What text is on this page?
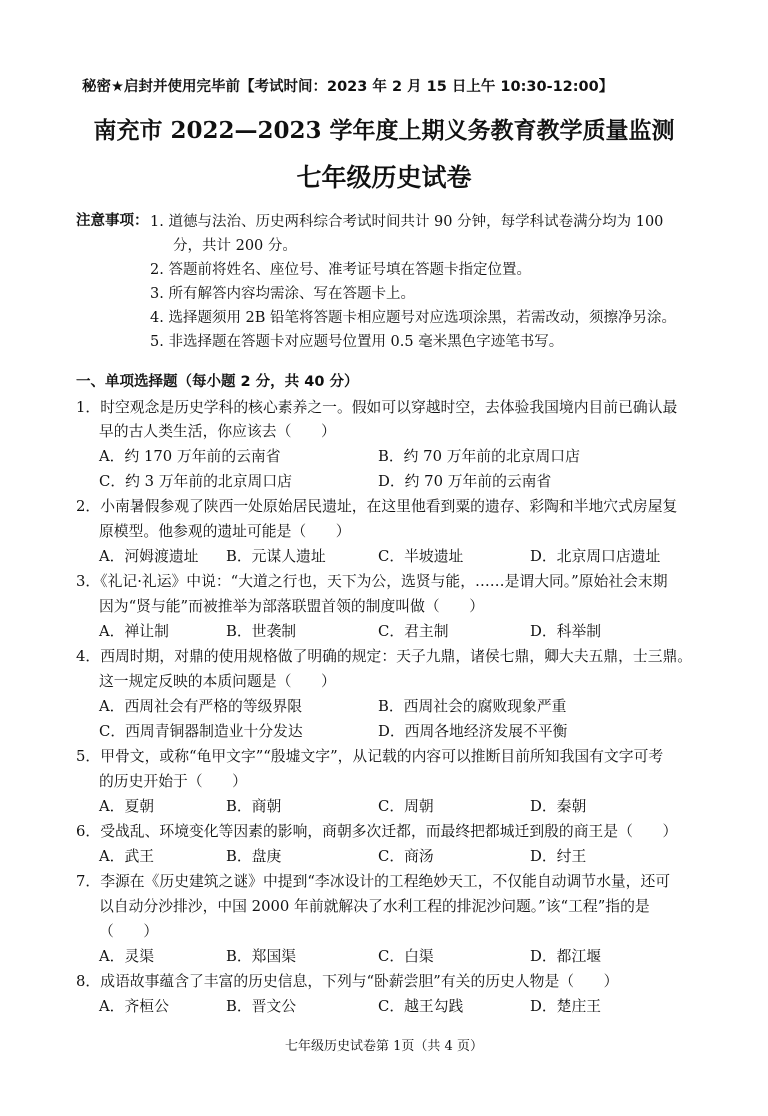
秘密★启封并使用完毕前【考试时间：2023 年 2 月 15 日上午 10:30-12:00】
南充市 2022—2023 学年度上期义务教育教学质量监测
七年级历史试卷
注意事项： 1. 道德与法治、历史两科综合考试时间共计 90 分钟，每学科试卷满分均为 100
分，共计 200 分。
2. 答题前将姓名、座位号、准考证号填在答题卡指定位置。
3. 所有解答内容均需涂、写在答题卡上。
4. 选择题须用 2B 铅笔将答题卡相应题号对应选项涂黑，若需改动，须擦净另涂。
5. 非选择题在答题卡对应题号位置用 0.5 毫米黑色字迹笔书写。
一、单项选择题（每小题 2 分，共 40 分）
1．时空观念是历史学科的核心素养之一。假如可以穿越时空，去体验我国境内目前已确认最
早的古人类生活，你应该去（　　）
A．约 170 万年前的云南省	B．约 70 万年前的北京周口店
C．约 3 万年前的北京周口店	D．约 70 万年前的云南省
2．小南暑假参观了陕西一处原始居民遗址，在这里他看到粟的遗存、彩陶和半地穴式房屋复
原模型。他参观的遗址可能是（　　）
A．河姆渡遗址 B．元谋人遗址	C．半坡遗址	D．北京周口店遗址
3．《礼记·礼运》中说：“大道之行也，天下为公，选贤与能，……是谓大同。”原始社会末期
因为“贤与能”而被推举为部落联盟首领的制度叫做（　　）
A．禅让制	B．世袭制	C．君主制	D．科举制
4．西周时期，对鼎的使用规格做了明确的规定：天子九鼎，诸侯七鼎，卿大夫五鼎，士三鼎。
这一规定反映的本质问题是（　　）
A．西周社会有严格的等级界限	B．西周社会的腐败现象严重
C．西周青铜器制造业十分发达	D．西周各地经济发展不平衡
5．甲骨文，或称“龟甲文字”“殷墟文字”，从记载的内容可以推断目前所知我国有文字可考
的历史开始于（　　）
A．夏朝	B．商朝	C．周朝	D．秦朝
6．受战乱、环境变化等因素的影响，商朝多次迁都，而最终把都城迁到殷的商王是（　　）
A．武王	B．盘庚	C．商汤	D．纣王
7．李源在《历史建筑之谜》中提到“李冰设计的工程绝妙天工，不仅能自动调节水量，还可
以自动分沙排沙，中国 2000 年前就解决了水利工程的排泥沙问题。”该“工程”指的是
（　　）
A．灵渠	B．郑国渠	C．白渠	D．都江堰
8．成语故事蕴含了丰富的历史信息，下列与“卧薪尝胆”有关的历史人物是（　　）
A．齐桓公	B．晋文公	C．越王勾践	D．楚庄王
七年级历史试卷第 1页（共 4 页）
